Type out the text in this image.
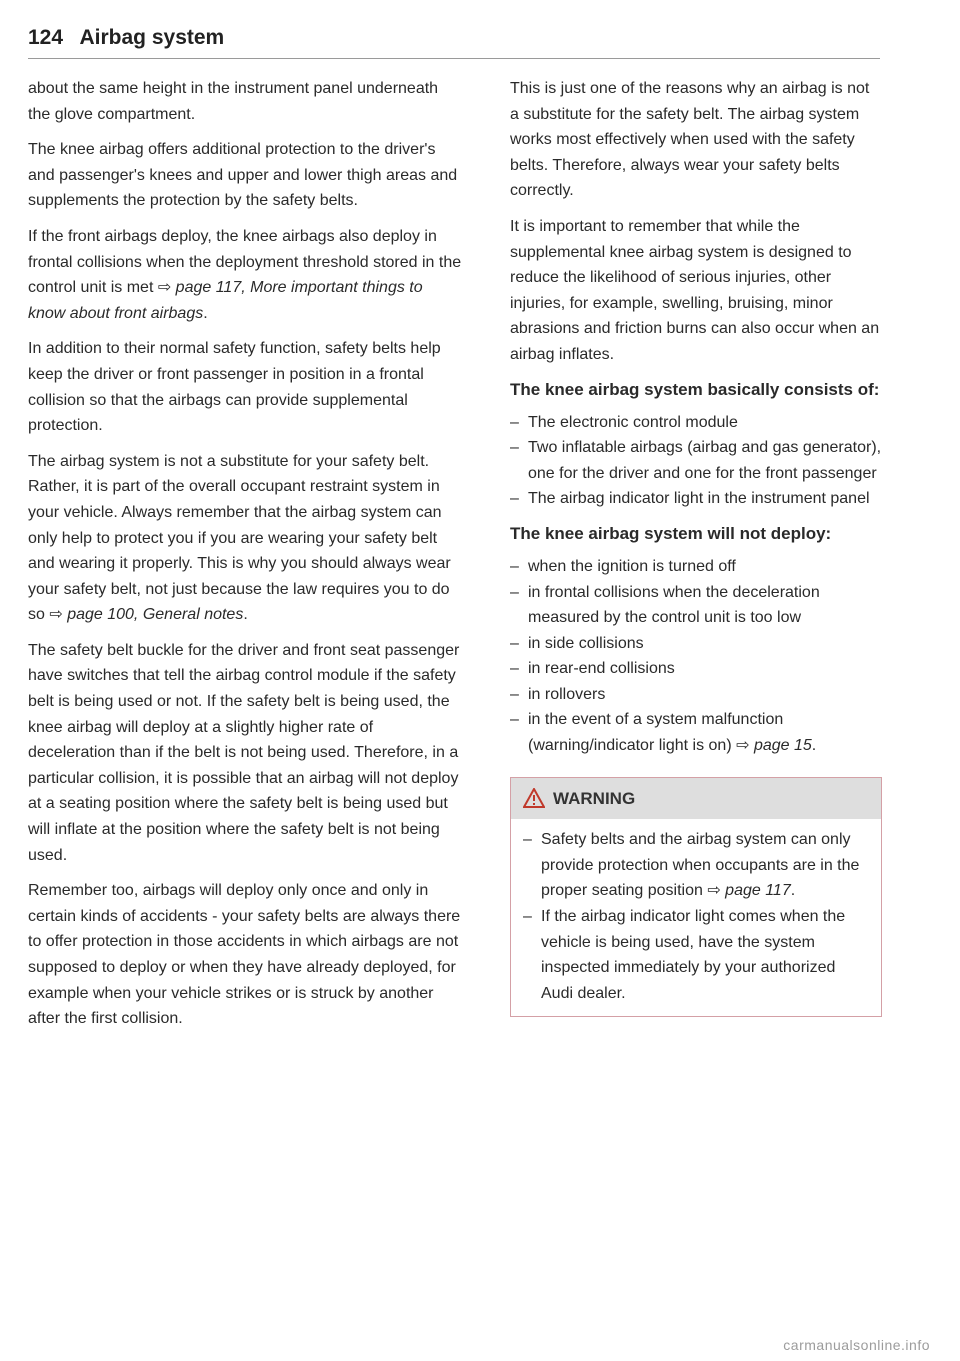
124 Airbag system

about the same height in the instrument panel underneath the glove compartment.

The knee airbag offers additional protection to the driver's and passenger's knees and upper and lower thigh areas and supplements the protection by the safety belts.

If the front airbags deploy, the knee airbags also deploy in frontal collisions when the deployment threshold stored in the control unit is met ⇨ page 117, More important things to know about front airbags.

In addition to their normal safety function, safety belts help keep the driver or front passenger in position in a frontal collision so that the airbags can provide supplemental protection.

The airbag system is not a substitute for your safety belt. Rather, it is part of the overall occupant restraint system in your vehicle. Always remember that the airbag system can only help to protect you if you are wearing your safety belt and wearing it properly. This is why you should always wear your safety belt, not just because the law requires you to do so ⇨ page 100, General notes.

The safety belt buckle for the driver and front seat passenger have switches that tell the airbag control module if the safety belt is being used or not. If the safety belt is being used, the knee airbag will deploy at a slightly higher rate of deceleration than if the belt is not being used. Therefore, in a particular collision, it is possible that an airbag will not deploy at a seating position where the safety belt is being used but will inflate at the position where the safety belt is not being used.

Remember too, airbags will deploy only once and only in certain kinds of accidents - your safety belts are always there to offer protection in those accidents in which airbags are not supposed to deploy or when they have already deployed, for example when your vehicle strikes or is struck by another after the first collision.

This is just one of the reasons why an airbag is not a substitute for the safety belt. The airbag system works most effectively when used with the safety belts. Therefore, always wear your safety belts correctly.

It is important to remember that while the supplemental knee airbag system is designed to reduce the likelihood of serious injuries, other injuries, for example, swelling, bruising, minor abrasions and friction burns can also occur when an airbag inflates.

The knee airbag system basically consists of:
– The electronic control module
– Two inflatable airbags (airbag and gas generator), one for the driver and one for the front passenger
– The airbag indicator light in the instrument panel
The knee airbag system will not deploy:
– when the ignition is turned off
– in frontal collisions when the deceleration measured by the control unit is too low
– in side collisions
– in rear-end collisions
– in rollovers
– in the event of a system malfunction (warning/indicator light is on) ⇨ page 15.
WARNING
– Safety belts and the airbag system can only provide protection when occupants are in the proper seating position ⇨ page 117.
– If the airbag indicator light comes when the vehicle is being used, have the system inspected immediately by your authorized Audi dealer.
carmanualsonline.info
